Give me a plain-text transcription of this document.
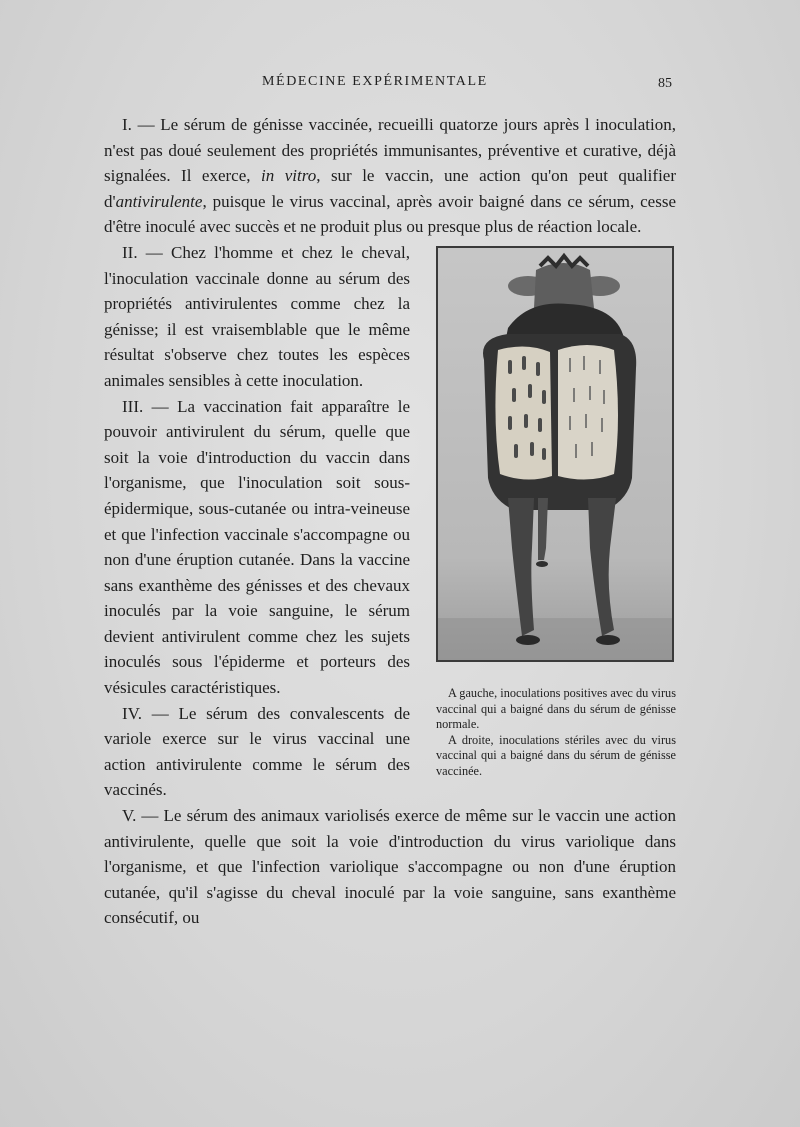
MÉDECINE EXPÉRIMENTALE	85

I. — Le sérum de génisse vaccinée, recueilli quatorze jours après l inoculation, n'est pas doué seulement des propriétés immunisantes, préventive et curative, déjà signalées. Il exerce, in vitro, sur le vaccin, une action qu'on peut qualifier d'antivirulente, puisque le virus vaccinal, après avoir baigné dans ce sérum, cesse d'être inoculé avec succès et ne produit plus ou presque plus de réaction locale.

A gauche, inoculations positives avec du virus vaccinal qui a baigné dans du sérum de génisse normale.

A droite, inoculations stériles avec du virus vaccinal qui a baigné dans du sérum de génisse vaccinée.

II. — Chez l'homme et chez le cheval, l'inoculation vaccinale donne au sérum des propriétés antivirulentes comme chez la génisse; il est vraisemblable que le même résultat s'observe chez toutes les espèces animales sensibles à cette inoculation.

III. — La vaccination fait apparaître le pouvoir antivirulent du sérum, quelle que soit la voie d'introduction du vaccin dans l'organisme, que l'inoculation soit sous-épidermique, sous-cutanée ou intra-veineuse et que l'infection vaccinale s'accompagne ou non d'une éruption cutanée. Dans la vaccine sans exanthème des génisses et des chevaux inoculés par la voie sanguine, le sérum devient antivirulent comme chez les sujets inoculés sous l'épiderme et porteurs des vésicules caractéristiques.

IV. — Le sérum des convalescents de variole exerce sur le virus vaccinal une action antivirulente comme le sérum des vaccinés.

V. — Le sérum des animaux variolisés exerce de même sur le vaccin une action antivirulente, quelle que soit la voie d'introduction du virus variolique dans l'organisme, et que l'infection variolique s'accompagne ou non d'une éruption cutanée, qu'il s'agisse du cheval inoculé par la voie sanguine, sans exanthème consécutif, ou
